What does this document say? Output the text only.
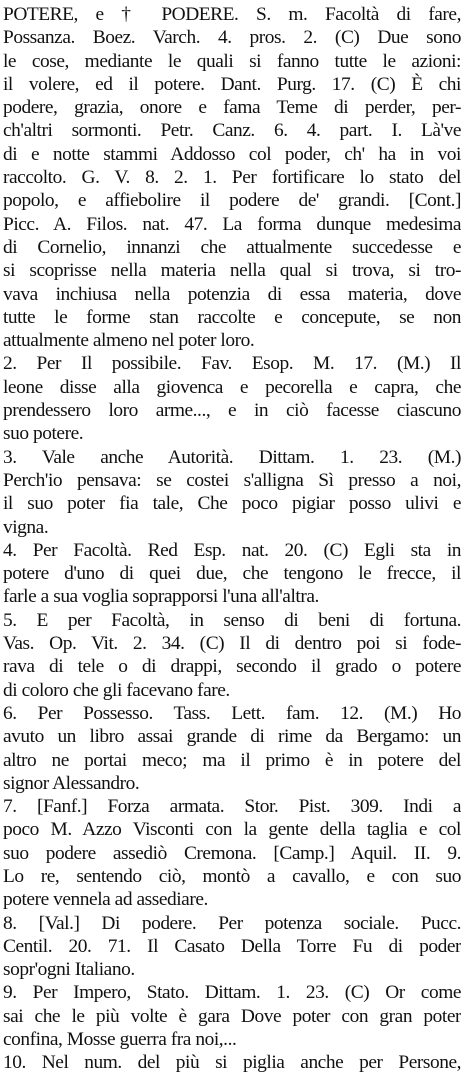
POTERE, e † PODERE. S. m. Facoltà di fare,
Possanza. Boez. Varch. 4. pros. 2. (C) Due sono
le cose, mediante le quali si fanno tutte le azioni:
il volere, ed il potere. Dant. Purg. 17. (C) È chi
podere, grazia, onore e fama Teme di perder, per-
ch'altri sormonti. Petr. Canz. 6. 4. part. I. Là've
di e notte stammi Addosso col poder, ch' ha in voi
raccolto. G. V. 8. 2. 1. Per fortificare lo stato del
popolo, e affiebolire il podere de' grandi. [Cont.]
Picc. A. Filos. nat. 47. La forma dunque medesima
di Cornelio, innanzi che attualmente succedesse e
si scoprisse nella materia nella qual si trova, si tro-
vava inchiusa nella potenzia di essa materia, dove
tutte le forme stan raccolte e concepute, se non
attualmente almeno nel poter loro.
2. Per Il possibile. Fav. Esop. M. 17. (M.) Il
leone disse alla giovenca e pecorella e capra, che
prendessero loro arme..., e in ciò facesse ciascuno
suo potere.
3. Vale anche Autorità. Dittam. 1. 23. (M.)
Perch'io pensava: se costei s'alligna Sì presso a noi,
il suo poter fia tale, Che poco pigiar posso ulivi e
vigna.
4. Per Facoltà. Red Esp. nat. 20. (C) Egli sta in
potere d'uno di quei due, che tengono le frecce, il
farle a sua voglia soprapporsi l'una all'altra.
5. E per Facoltà, in senso di beni di fortuna.
Vas. Op. Vit. 2. 34. (C) Il di dentro poi si fode-
rava di tele o di drappi, secondo il grado o potere
di coloro che gli facevano fare.
6. Per Possesso. Tass. Lett. fam. 12. (M.) Ho
avuto un libro assai grande di rime da Bergamo: un
altro ne portai meco; ma il primo è in potere del
signor Alessandro.
7. [Fanf.] Forza armata. Stor. Pist. 309. Indi a
poco M. Azzo Visconti con la gente della taglia e col
suo podere assediò Cremona. [Camp.] Aquil. II. 9.
Lo re, sentendo ciò, montò a cavallo, e con suo
potere vennela ad assediare.
8. [Val.] Di podere. Per potenza sociale. Pucc.
Centil. 20. 71. Il Casato Della Torre Fu di poder
sopr'ogni Italiano.
9. Per Impero, Stato. Dittam. 1. 23. (C) Or come
sai che le più volte è gara Dove poter con gran poter
confina, Mosse guerra fra noi,...
10. Nel num. del più si piglia anche per Persone,
